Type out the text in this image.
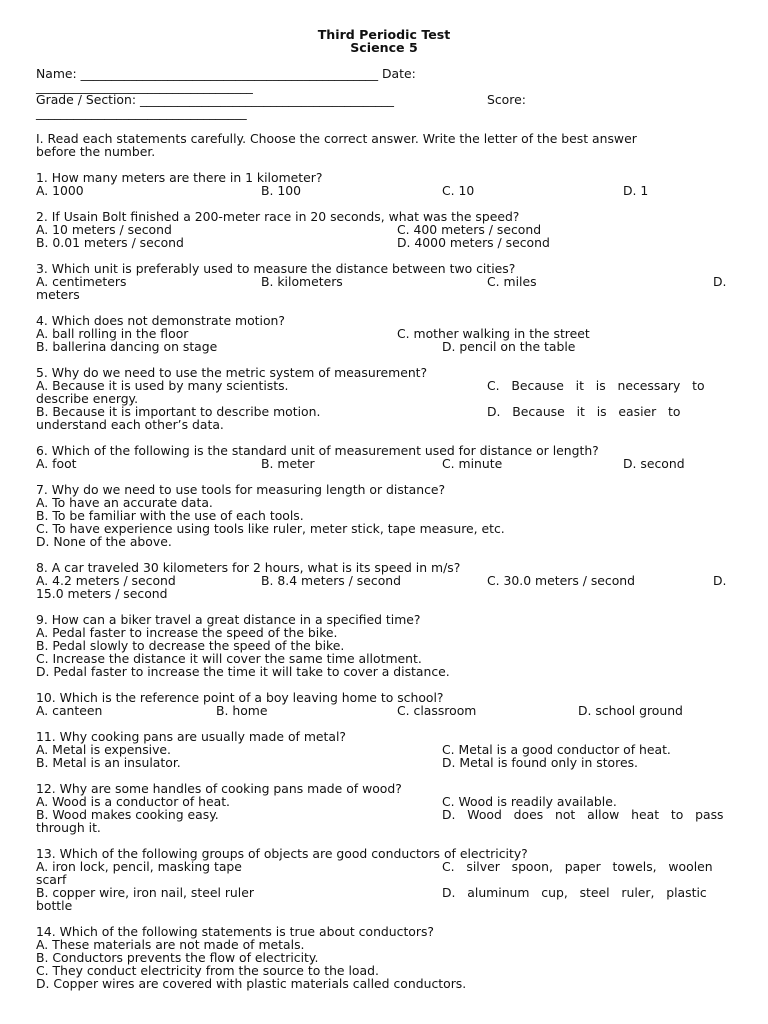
Third Periodic Test
Science 5
Name: ________________________________________________ Date:
___________________________________
Grade / Section: _________________________________________	Score:
__________________________________
I. Read each statements carefully. Choose the correct answer. Write the letter of the best answer
before the number.
1. How many meters are there in 1 kilometer?

A. 1000

	B. 100

	C. 10

	D. 1

2. If Usain Bolt finished a 200-meter race in 20 seconds, what was the speed?

A. 10 meters / second

	C. 400 meters / second

B. 0.01 meters / second

	D. 4000 meters / second

3. Which unit is preferably used to measure the distance between two cities?

A. centimeters

	B. kilometers

	C. miles

	D.

meters
4. Which does not demonstrate motion?

A. ball rolling in the floor

	C. mother walking in the street

B. ballerina dancing on stage

	D. pencil on the table

5. Why do we need to use the metric system of measurement?

A. Because it is used by many scientists.

	C.   Because   it   is   necessary   to

describe energy.

B. Because it is important to describe motion.

	D.   Because   it   is   easier   to

understand each other’s data.
6. Which of the following is the standard unit of measurement used for distance or length?

A. foot

	B. meter

	C. minute

	D. second

7. Why do we need to use tools for measuring length or distance?
A. To have an accurate data.
B. To be familiar with the use of each tools.
C. To have experience using tools like ruler, meter stick, tape measure, etc.
D. None of the above.
8. A car traveled 30 kilometers for 2 hours, what is its speed in m/s?

A. 4.2 meters / second

	B. 8.4 meters / second

	C. 30.0 meters / second

	D.

15.0 meters / second
9. How can a biker travel a great distance in a specified time?
A. Pedal faster to increase the speed of the bike.
B. Pedal slowly to decrease the speed of the bike.
C. Increase the distance it will cover the same time allotment.
D. Pedal faster to increase the time it will take to cover a distance.
10. Which is the reference point of a boy leaving home to school?

A. canteen

	B. home

	C. classroom

	D. school ground

11. Why cooking pans are usually made of metal?

A. Metal is expensive.

	C. Metal is a good conductor of heat.

B. Metal is an insulator.

	D. Metal is found only in stores.

12. Why are some handles of cooking pans made of wood?

A. Wood is a conductor of heat.

	C. Wood is readily available.

B. Wood makes cooking easy.

	D.   Wood   does   not   allow   heat   to   pass

through it.
13. Which of the following groups of objects are good conductors of electricity?

A. iron lock, pencil, masking tape

	C.   silver   spoon,   paper   towels,   woolen

scarf

B. copper wire, iron nail, steel ruler

	D.   aluminum   cup,   steel   ruler,   plastic

bottle
14. Which of the following statements is true about conductors?
A. These materials are not made of metals.
B. Conductors prevents the flow of electricity.
C. They conduct electricity from the source to the load.
D. Copper wires are covered with plastic materials called conductors.
